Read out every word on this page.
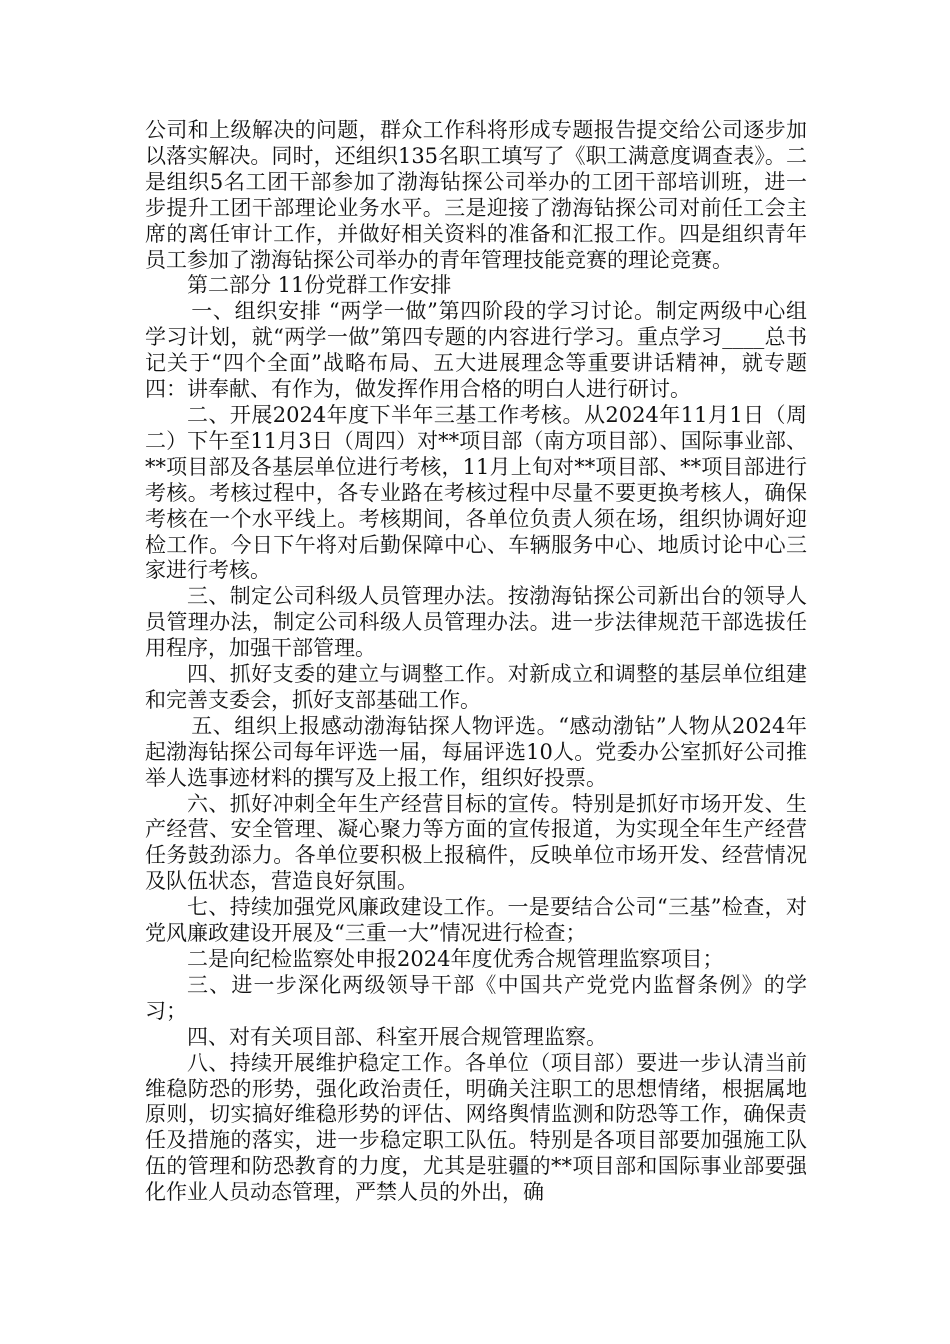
公司和上级解决的问题，群众工作科将形成专题报告提交给公司逐步加以落实解决。同时，还组织135名职工填写了《职工满意度调查表》。二是组织5名工团干部参加了渤海钻探公司举办的工团干部培训班，进一步提升工团干部理论业务水平。三是迎接了渤海钻探公司对前任工会主席的离任审计工作，并做好相关资料的准备和汇报工作。四是组织青年员工参加了渤海钻探公司举办的青年管理技能竞赛的理论竞赛。

第二部分 11份党群工作安排

一、组织安排 “两学一做”第四阶段的学习讨论。制定两级中心组学习计划，就“两学一做”第四专题的内容进行学习。重点学习____总书记关于“四个全面”战略布局、五大进展理念等重要讲话精神，就专题四：讲奉献、有作为，做发挥作用合格的明白人进行研讨。

二、开展2024年度下半年三基工作考核。从2024年11月1日（周二）下午至11月3日（周四）对**项目部（南方项目部）、国际事业部、**项目部及各基层单位进行考核，11月上旬对**项目部、**项目部进行考核。考核过程中，各专业路在考核过程中尽量不要更换考核人，确保考核在一个水平线上。考核期间，各单位负责人须在场，组织协调好迎检工作。今日下午将对后勤保障中心、车辆服务中心、地质讨论中心三家进行考核。

三、制定公司科级人员管理办法。按渤海钻探公司新出台的领导人员管理办法，制定公司科级人员管理办法。进一步法律规范干部选拔任用程序，加强干部管理。

四、抓好支委的建立与调整工作。对新成立和调整的基层单位组建和完善支委会，抓好支部基础工作。

五、组织上报感动渤海钻探人物评选。“感动渤钻”人物从2024年起渤海钻探公司每年评选一届，每届评选10人。党委办公室抓好公司推举人选事迹材料的撰写及上报工作，组织好投票。

六、抓好冲刺全年生产经营目标的宣传。特别是抓好市场开发、生产经营、安全管理、凝心聚力等方面的宣传报道，为实现全年生产经营任务鼓劲添力。各单位要积极上报稿件，反映单位市场开发、经营情况及队伍状态，营造良好氛围。

七、持续加强党风廉政建设工作。一是要结合公司“三基”检查，对党风廉政建设开展及“三重一大”情况进行检查；

二是向纪检监察处申报2024年度优秀合规管理监察项目；

三、进一步深化两级领导干部《中国共产党党内监督条例》的学习；

四、对有关项目部、科室开展合规管理监察。

八、持续开展维护稳定工作。各单位（项目部）要进一步认清当前维稳防恐的形势，强化政治责任，明确关注职工的思想情绪，根据属地原则，切实搞好维稳形势的评估、网络舆情监测和防恐等工作，确保责任及措施的落实，进一步稳定职工队伍。特别是各项目部要加强施工队伍的管理和防恐教育的力度，尤其是驻疆的**项目部和国际事业部要强化作业人员动态管理，严禁人员的外出，确
